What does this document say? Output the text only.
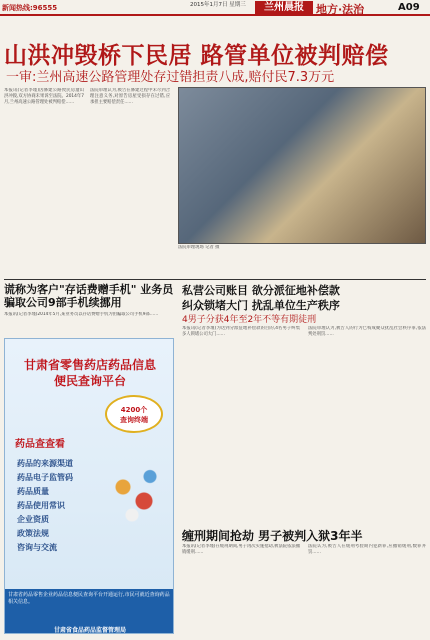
新闻热线:96555	2015年1月7日 星期三	兰州晨报	地方·法治	A09
山洪冲毁桥下民居 路管单位被判赔偿
一审:兰州高速公路管理处存过错担责八成,赔付民7.3万元
本报讯(记者李瑾)因修建公路致民房遭山洪冲毁,双方协商未果诉至法院。2014年7月,兰州高速公路管理处被判赔偿……
法院审理认为,被告在修建过程中未尽到合理注意义务,对原告房屋受损存在过错,应承担主要赔偿责任……
法院审理现场 记者 摄
谎称为客户"存话费赠手机" 业务员骗取公司9部手机续挪用
本报讯(记者李瑾)2014年5月,某业务员以存话费赠手机为由骗取公司手机9部……
私营公司账目 欲分派征地补偿款
纠众锁堵大门 扰乱单位生产秩序
4男子分获4年至2年不等有期徒刑
本报讯(记者李瑾)为达到分派征地补偿款的目的,4名男子纠集多人锁堵公司大门……
法院审理认为,被告人的行为已构成聚众扰乱社会秩序罪,依法判处刑罚……
甘肃省零售药店药品信息
便民查询平台
4200个
查询终端
药品查查看
药品的来源渠道
药品电子监管码
药品质量
药品使用常识
企业资质
政策法规
咨询与交流
甘肃省药品零售企业药品信息便民查询平台开通运行,市民可就近查询药品相关信息。
甘肃省食品药品监督管理局
缠刑期间抢劫 男子被判入狱3年半
本报讯(记者李瑾)在缓刑期间,男子再次实施抢劫,被法院依法撤销缓刑……
法院认为,被告人在缓刑考验期内犯新罪,应撤销缓刑,数罪并罚……
